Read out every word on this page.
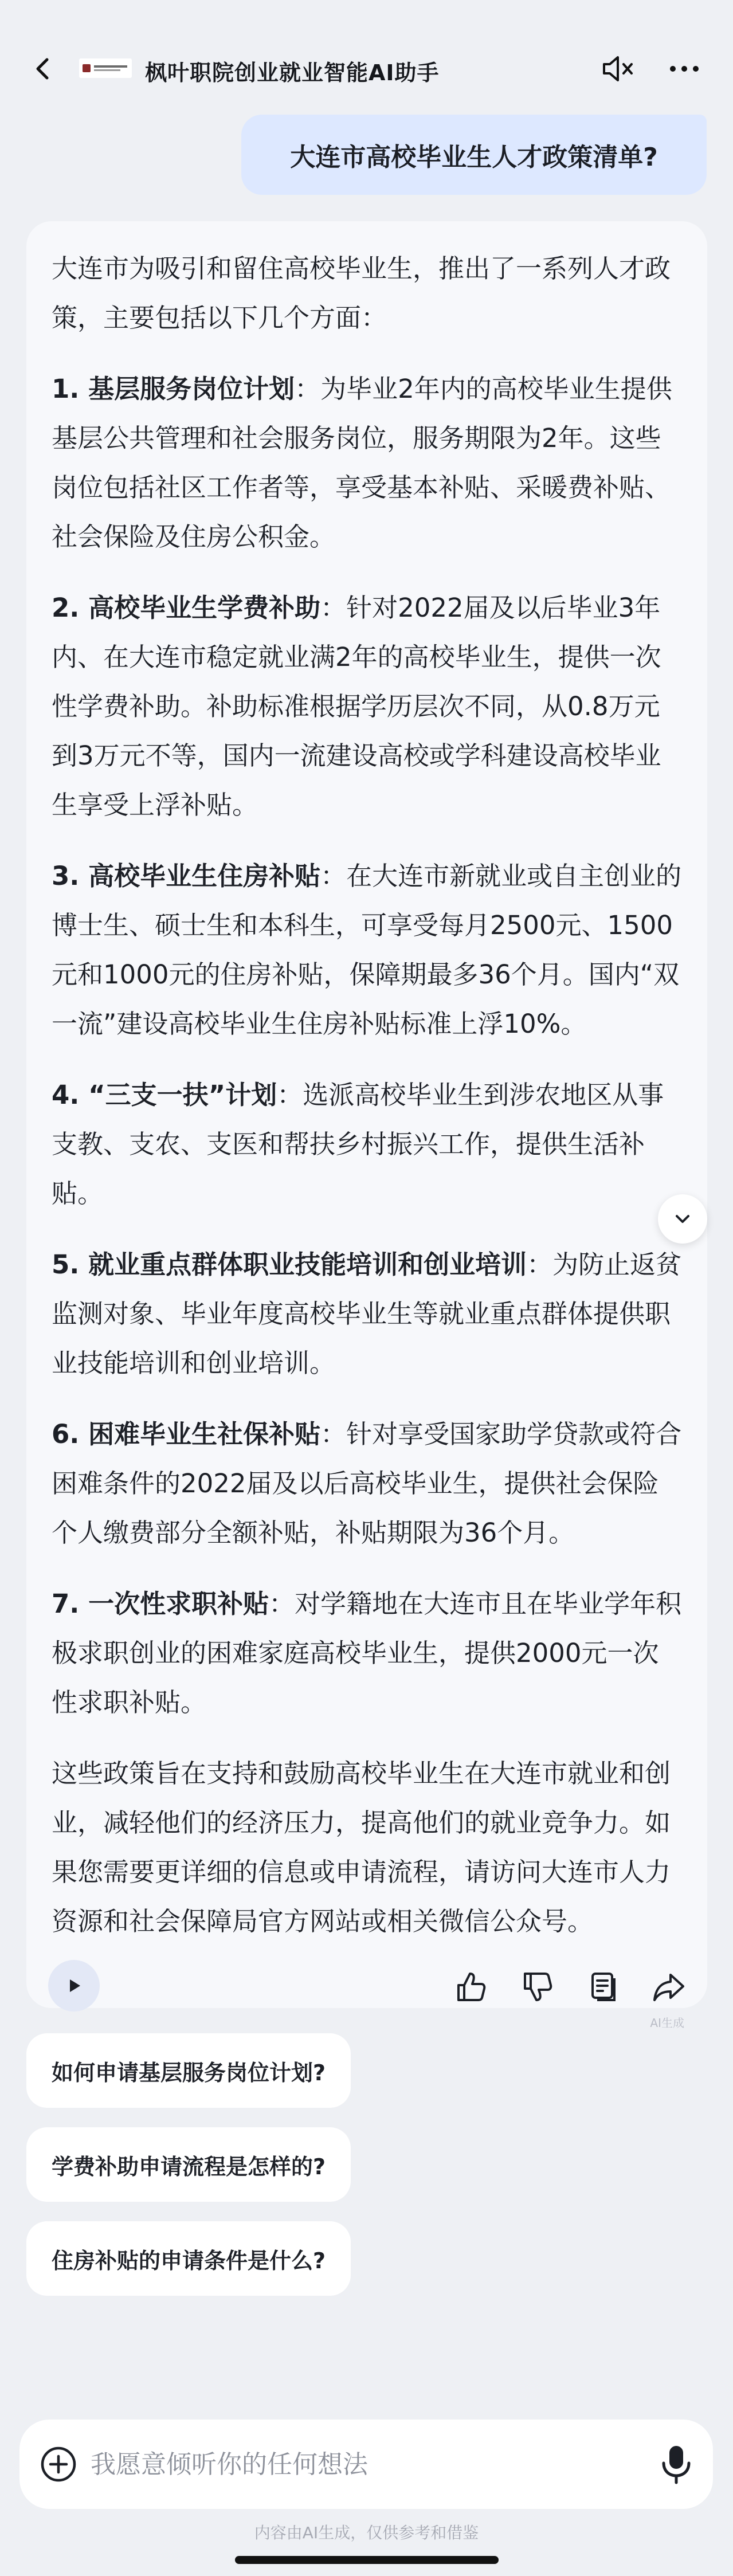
枫叶职院创业就业智能AI助手
大连市高校毕业生人才政策清单?

大连市为吸引和留住高校毕业生，推出了一系列人才政策，主要包括以下几个方面：

1. 基层服务岗位计划：为毕业2年内的高校毕业生提供基层公共管理和社会服务岗位，服务期限为2年。这些岗位包括社区工作者等，享受基本补贴、采暖费补贴、社会保险及住房公积金。

2. 高校毕业生学费补助：针对2022届及以后毕业3年内、在大连市稳定就业满2年的高校毕业生，提供一次性学费补助。补助标准根据学历层次不同，从0.8万元到3万元不等，国内一流建设高校或学科建设高校毕业生享受上浮补贴。

3. 高校毕业生住房补贴：在大连市新就业或自主创业的博士生、硕士生和本科生，可享受每月2500元、1500元和1000元的住房补贴，保障期最多36个月。国内“双一流”建设高校毕业生住房补贴标准上浮10%。

4. “三支一扶”计划：选派高校毕业生到涉农地区从事支教、支农、支医和帮扶乡村振兴工作，提供生活补贴。

5. 就业重点群体职业技能培训和创业培训：为防止返贫监测对象、毕业年度高校毕业生等就业重点群体提供职业技能培训和创业培训。

6. 困难毕业生社保补贴：针对享受国家助学贷款或符合困难条件的2022届及以后高校毕业生，提供社会保险个人缴费部分全额补贴，补贴期限为36个月。

7. 一次性求职补贴：对学籍地在大连市且在毕业学年积极求职创业的困难家庭高校毕业生，提供2000元一次性求职补贴。

这些政策旨在支持和鼓励高校毕业生在大连市就业和创业，减轻他们的经济压力，提高他们的就业竞争力。如果您需要更详细的信息或申请流程，请访问大连市人力资源和社会保障局官方网站或相关微信公众号。

AI生成
如何申请基层服务岗位计划?
学费补助申请流程是怎样的?
住房补贴的申请条件是什么?
我愿意倾听你的任何想法
内容由AI生成，仅供参考和借鉴
